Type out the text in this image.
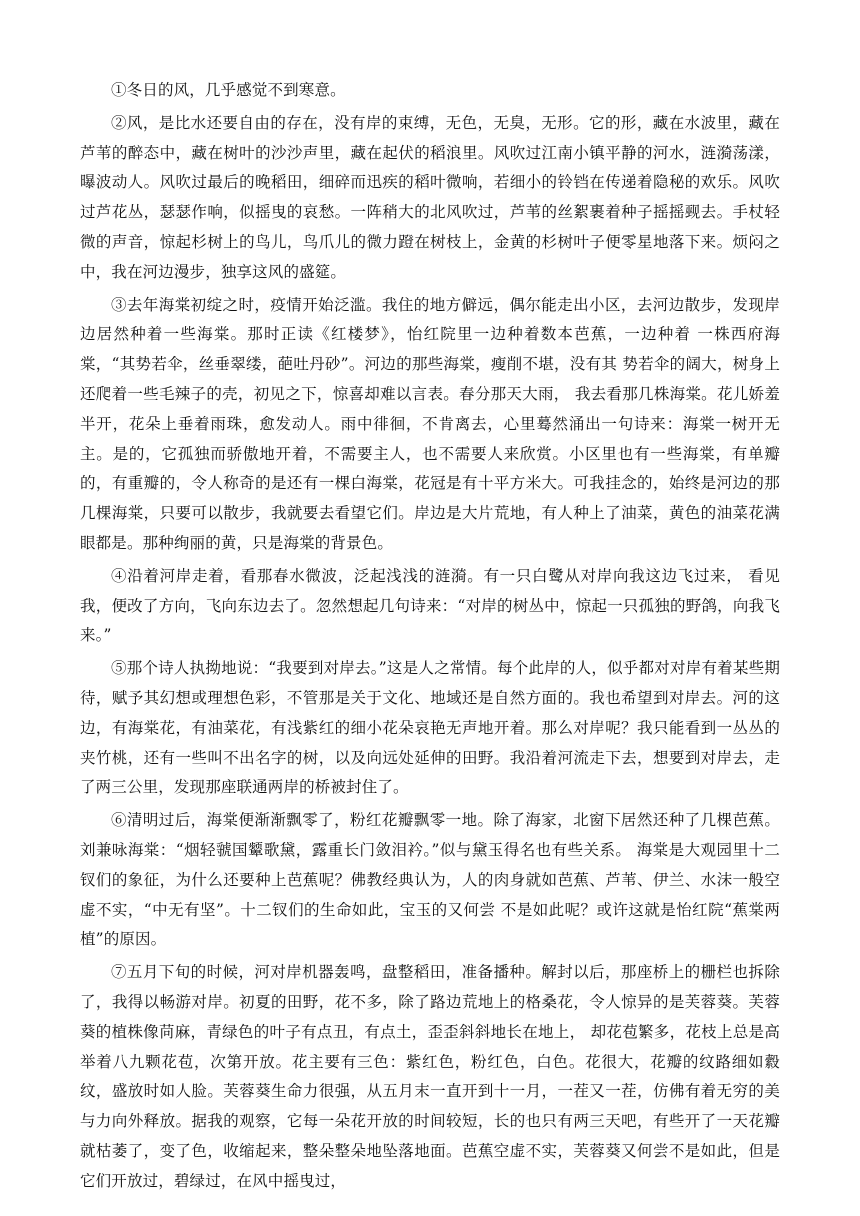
①冬日的风，几乎感觉不到寒意。

②风，是比水还要自由的存在，没有岸的束缚，无色，无臭，无形。它的形，藏在水波里，藏在芦苇的醉态中，藏在树叶的沙沙声里，藏在起伏的稻浪里。风吹过江南小镇平静的河水，涟漪荡漾，曝波动人。风吹过最后的晚稻田，细碎而迅疾的稻叶微响，若细小的铃铛在传递着隐秘的欢乐。风吹过芦花丛，瑟瑟作响，似摇曳的哀愁。一阵稍大的北风吹过，芦苇的丝絮裹着种子摇摇觋去。手杖轻微的声音，惊起杉树上的鸟儿，鸟爪儿的微力蹬在树枝上，金黄的杉树叶子便零星地落下来。烦闷之中，我在河边漫步，独享这风的盛筵。

③去年海棠初绽之时，疫情开始泛滥。我住的地方僻远，偶尔能走出小区，去河边散步，发现岸边居然种着一些海棠。那时正读《红楼梦》，怡红院里一边种着数本芭蕉，一边种着 一株西府海棠，“其势若伞，丝垂翠缕，葩吐丹砂”。河边的那些海棠，瘦削不堪，没有其 势若伞的阔大，树身上还爬着一些毛辣子的壳，初见之下，惊喜却难以言表。春分那天大雨， 我去看那几株海棠。花儿娇羞半开，花朵上垂着雨珠，愈发动人。雨中徘徊，不肯离去，心里蓦然涌出一句诗来：海棠一树开无主。是的，它孤独而骄傲地开着，不需要主人，也不需要人来欣赏。小区里也有一些海棠，有单瓣的，有重瓣的，令人称奇的是还有一棵白海棠，花冠是有十平方米大。可我挂念的，始终是河边的那几棵海棠，只要可以散步，我就要去看望它们。岸边是大片荒地，有人种上了油菜，黄色的油菜花满眼都是。那种绚丽的黄，只是海棠的背景色。

④沿着河岸走着，看那春水微波，泛起浅浅的涟漪。有一只白鹭从对岸向我这边飞过来， 看见我，便改了方向，飞向东边去了。忽然想起几句诗来：“对岸的树丛中，惊起一只孤独的野鸽，向我飞来。”

⑤那个诗人执拗地说：“我要到对岸去。”这是人之常情。每个此岸的人，似乎都对对岸有着某些期待，赋予其幻想或理想色彩，不管那是关于文化、地域还是自然方面的。我也希望到对岸去。河的这边，有海棠花，有油菜花，有浅紫红的细小花朵哀艳无声地开着。那么对岸呢？我只能看到一丛丛的夹竹桃，还有一些叫不出名字的树，以及向远处延伸的田野。我沿着河流走下去，想要到对岸去，走了两三公里，发现那座联通两岸的桥被封住了。

⑥清明过后，海棠便渐渐飘零了，粉红花瓣飘零一地。除了海家，北窗下居然还种了几棵芭蕉。刘兼咏海棠：“烟轻虢国颦歌黛，露重长门敛泪衿。”似与黛玉得名也有些关系。 海棠是大观园里十二钗们的象征，为什么还要种上芭蕉呢？佛教经典认为，人的肉身就如芭蕉、芦苇、伊兰、水沫一般空虚不实，“中无有坚”。十二钗们的生命如此，宝玉的又何尝 不是如此呢？或许这就是怡红院“蕉棠两植”的原因。

⑦五月下旬的时候，河对岸机器轰鸣，盘整稻田，准备播种。解封以后，那座桥上的栅栏也拆除了，我得以畅游对岸。初夏的田野，花不多，除了路边荒地上的格桑花，令人惊异的是芙蓉葵。芙蓉葵的植株像苘麻，青绿色的叶子有点丑，有点土，歪歪斜斜地长在地上， 却花苞繁多，花枝上总是高举着八九颗花苞，次第开放。花主要有三色：紫红色，粉红色，白色。花很大，花瓣的纹路细如縠纹，盛放时如人脸。芙蓉葵生命力很强，从五月末一直开到十一月，一茬又一茬，仿佛有着无穷的美与力向外释放。据我的观察，它每一朵花开放的时间较短，长的也只有两三天吧，有些开了一天花瓣就枯萎了，变了色，收缩起来，整朵整朵地坠落地面。芭蕉空虚不实，芙蓉葵又何尝不是如此，但是它们开放过，碧绿过，在风中摇曳过，
